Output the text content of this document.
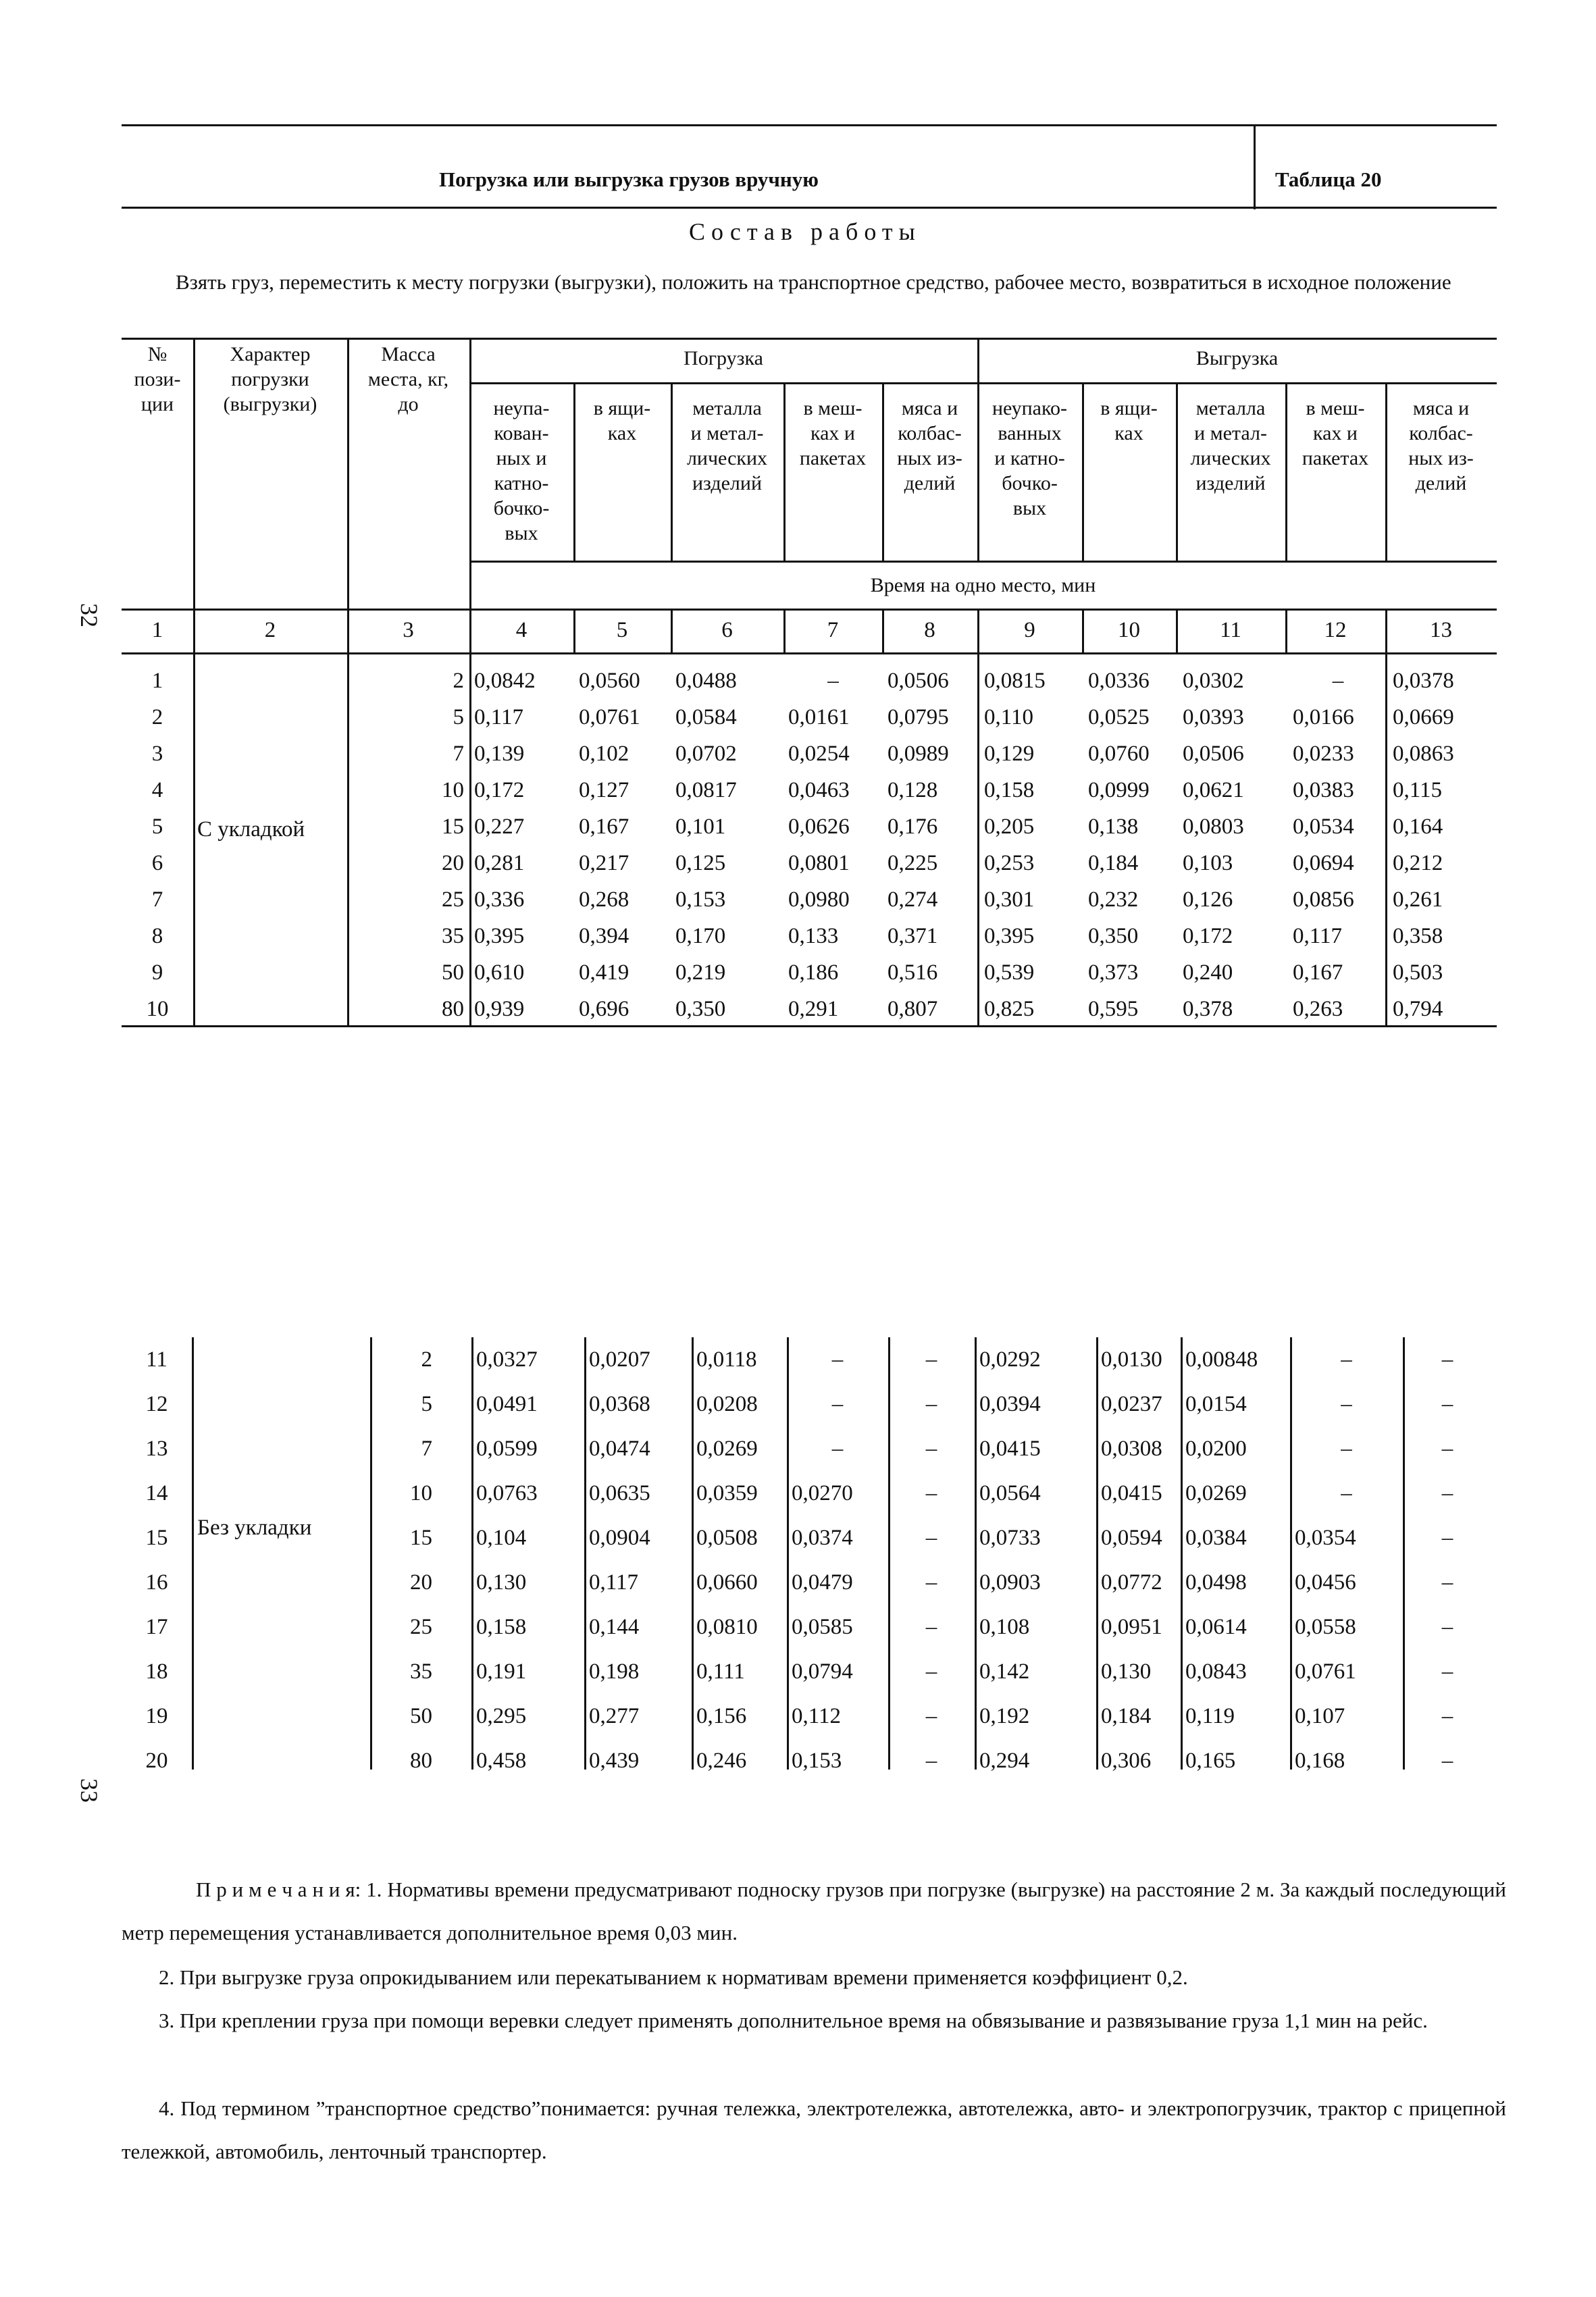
Погрузка или выгрузка грузов вручную	Таблица 20
Состав работы
Взять груз, переместить к месту погрузки (выгрузки), положить на транспортное средство, рабочее место, возвратиться в исходное положение
32
33
№
пози-
ции
Характер
погрузки
(выгрузки)
Масса
места, кг,
до
Погрузка	Выгрузка
Время на одно место, мин
неупа-
кован-
ных и
катно-
бочко-
вых
в ящи-
ках
металла
и метал-
лических
изделий
в меш-
ках и
пакетах
мяса и
колбас-
ных из-
делий
неупако-
ванных
и катно-
бочко-
вых
в ящи-
ках
металла
и метал-
лических
изделий
в меш-
ках и
пакетах
мяса и
колбас-
ных из-
делий
1	2	3	4	5	6	7	8	9	10	11	12	13
С укладкой
1	2 0,0842	0,0560	0,0488	–	0,0506	0,0815	0,0336	0,0302	–	0,0378
2	5 0,117	0,0761	0,0584	0,0161	0,0795	0,110	0,0525	0,0393	0,0166	0,0669
3	7 0,139	0,102	0,0702	0,0254	0,0989	0,129	0,0760	0,0506	0,0233	0,0863
4	10 0,172	0,127	0,0817	0,0463	0,128	0,158	0,0999	0,0621	0,0383	0,115
5	15 0,227	0,167	0,101	0,0626	0,176	0,205	0,138	0,0803	0,0534	0,164
6	20 0,281	0,217	0,125	0,0801	0,225	0,253	0,184	0,103	0,0694	0,212
7	25 0,336	0,268	0,153	0,0980	0,274	0,301	0,232	0,126	0,0856	0,261
8	35 0,395	0,394	0,170	0,133	0,371	0,395	0,350	0,172	0,117	0,358
9	50 0,610	0,419	0,219	0,186	0,516	0,539	0,373	0,240	0,167	0,503
10	80 0,939	0,696	0,350	0,291	0,807	0,825	0,595	0,378	0,263	0,794
Без укладки
11	2 0,0327	0,0207	0,0118	–	–	0,0292	0,0130	0,00848	–	–
12	5 0,0491	0,0368	0,0208	–	–	0,0394	0,0237	0,0154	–	–
13	7 0,0599	0,0474	0,0269	–	–	0,0415	0,0308	0,0200	–	–
14	10 0,0763	0,0635	0,0359	0,0270	–	0,0564	0,0415	0,0269	–	–
15	15 0,104	0,0904	0,0508	0,0374	–	0,0733	0,0594	0,0384	0,0354	–
16	20 0,130	0,117	0,0660	0,0479	–	0,0903	0,0772	0,0498	0,0456	–
17	25 0,158	0,144	0,0810	0,0585	–	0,108	0,0951	0,0614	0,0558	–
18	35 0,191	0,198	0,111	0,0794	–	0,142	0,130	0,0843	0,0761	–
19	50 0,295	0,277	0,156	0,112	–	0,192	0,184	0,119	0,107	–
20	80 0,458	0,439	0,246	0,153	–	0,294	0,306	0,165	0,168	–
П р и м е ч а н и я: 1. Нормативы времени предусматривают подноску грузов при погрузке (выгрузке) на расстояние 2 м. За каждый последующий метр перемещения устанавливается дополнительное время 0,03 мин.
2. При выгрузке груза опрокидыванием или перекатыванием к нормативам времени применяется коэффициент 0,2.
3. При креплении груза при помощи веревки следует применять дополнительное время на обвязывание и развязывание груза 1,1 мин на рейс.
4. Под термином ”транспортное средство”понимается: ручная тележка, электротележка, автотележка, авто- и электропогрузчик, трактор с прицепной тележкой, автомобиль, ленточный транспортер.
